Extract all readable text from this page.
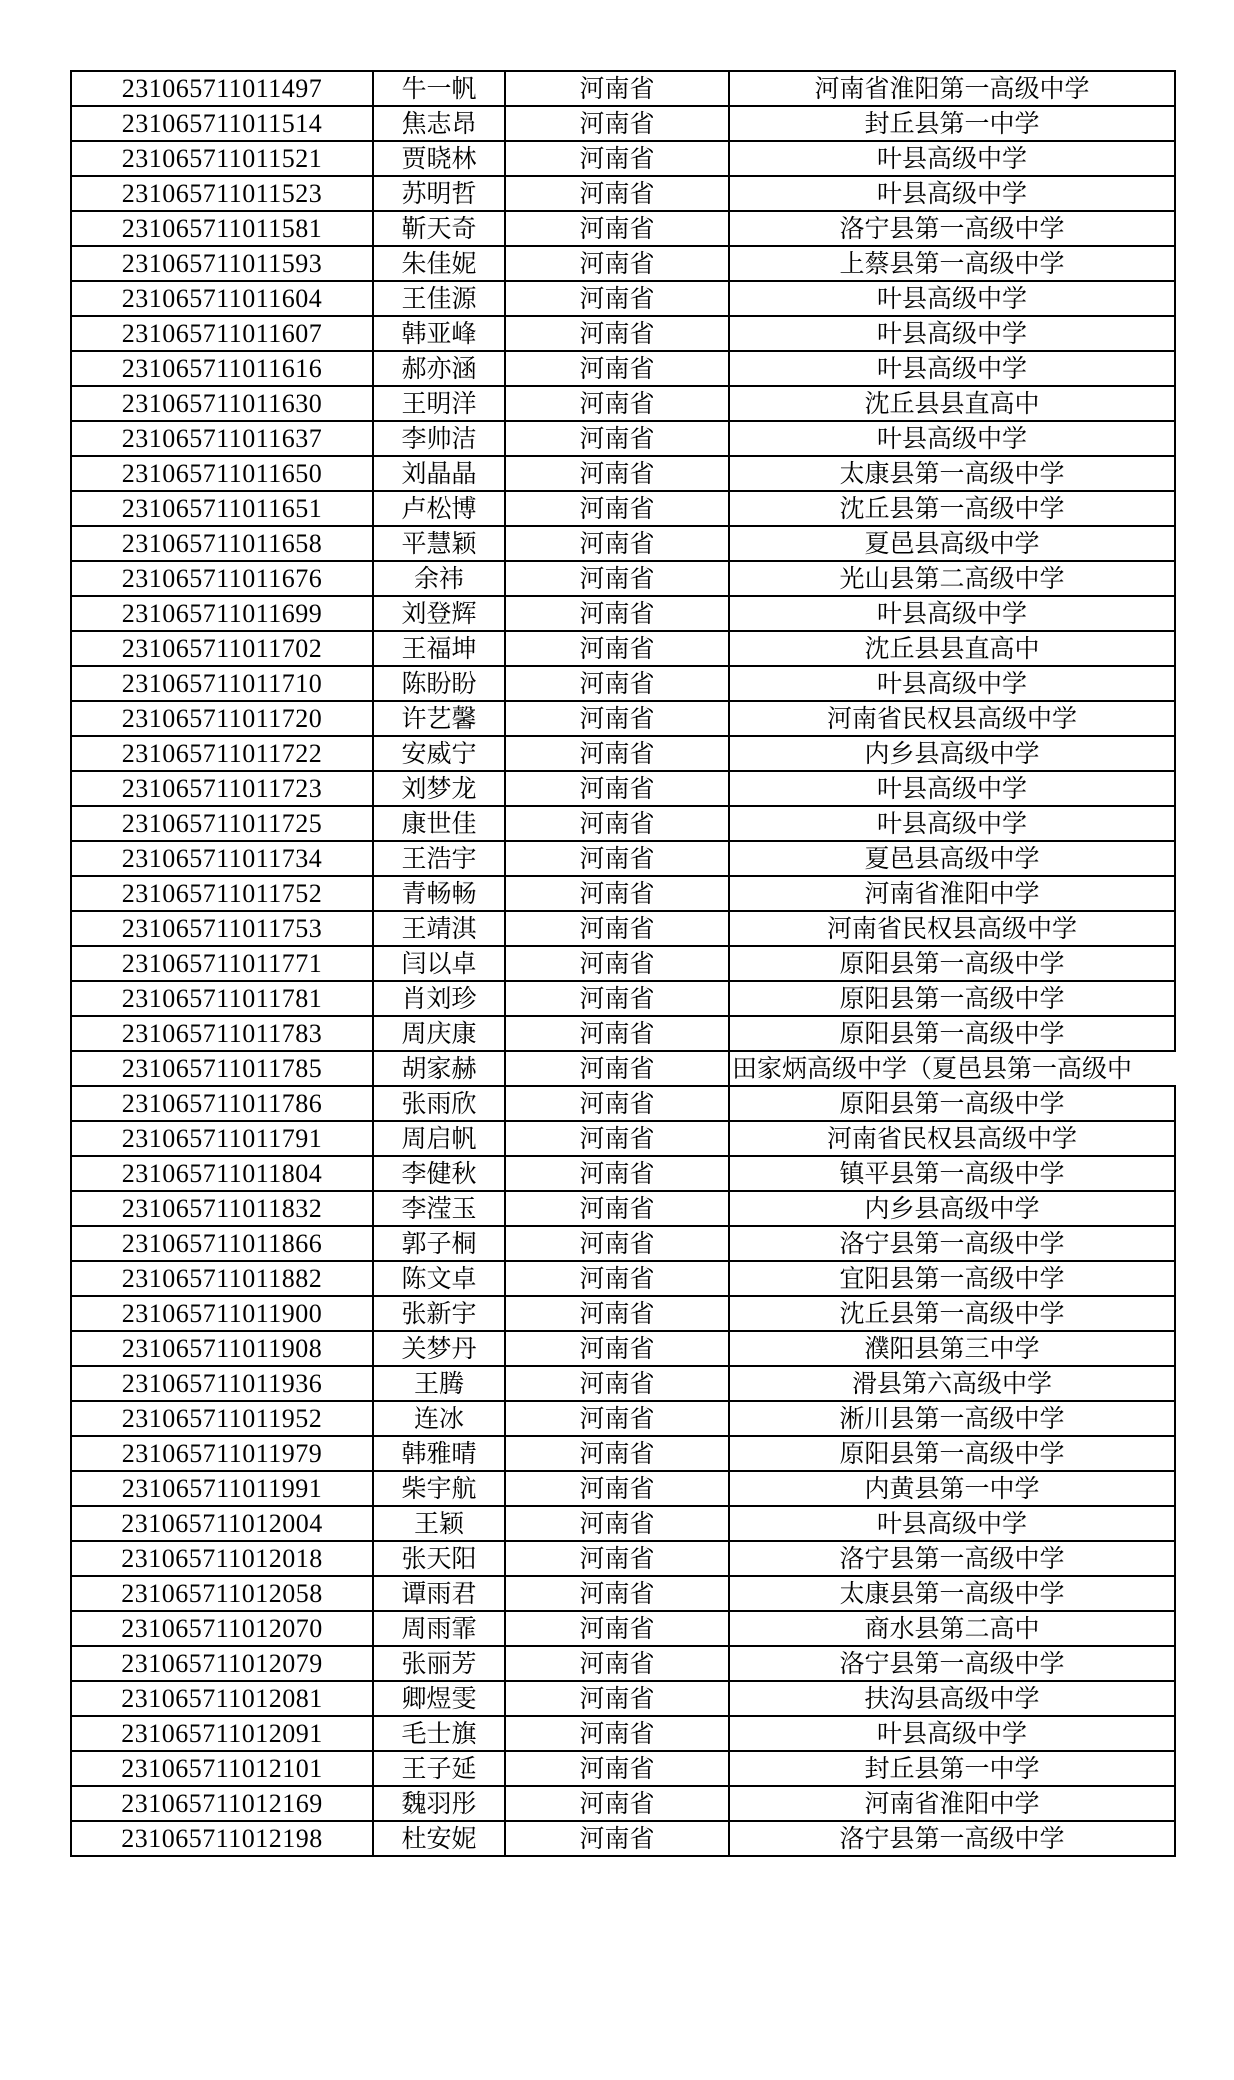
231065711011497	牛一帆	河南省	河南省淮阳第一高级中学
231065711011514	焦志昂	河南省	封丘县第一中学
231065711011521	贾晓林	河南省	叶县高级中学
231065711011523	苏明哲	河南省	叶县高级中学
231065711011581	靳天奇	河南省	洛宁县第一高级中学
231065711011593	朱佳妮	河南省	上蔡县第一高级中学
231065711011604	王佳源	河南省	叶县高级中学
231065711011607	韩亚峰	河南省	叶县高级中学
231065711011616	郝亦涵	河南省	叶县高级中学
231065711011630	王明洋	河南省	沈丘县县直高中
231065711011637	李帅洁	河南省	叶县高级中学
231065711011650	刘晶晶	河南省	太康县第一高级中学
231065711011651	卢松博	河南省	沈丘县第一高级中学
231065711011658	平慧颖	河南省	夏邑县高级中学
231065711011676	余祎	河南省	光山县第二高级中学
231065711011699	刘登辉	河南省	叶县高级中学
231065711011702	王福坤	河南省	沈丘县县直高中
231065711011710	陈盼盼	河南省	叶县高级中学
231065711011720	许艺馨	河南省	河南省民权县高级中学
231065711011722	安威宁	河南省	内乡县高级中学
231065711011723	刘梦龙	河南省	叶县高级中学
231065711011725	康世佳	河南省	叶县高级中学
231065711011734	王浩宇	河南省	夏邑县高级中学
231065711011752	青畅畅	河南省	河南省淮阳中学
231065711011753	王靖淇	河南省	河南省民权县高级中学
231065711011771	闫以卓	河南省	原阳县第一高级中学
231065711011781	肖刘珍	河南省	原阳县第一高级中学
231065711011783	周庆康	河南省	原阳县第一高级中学
231065711011785	胡家赫	河南省	田家炳高级中学（夏邑县第一高级中
231065711011786	张雨欣	河南省	原阳县第一高级中学
231065711011791	周启帆	河南省	河南省民权县高级中学
231065711011804	李健秋	河南省	镇平县第一高级中学
231065711011832	李滢玉	河南省	内乡县高级中学
231065711011866	郭子桐	河南省	洛宁县第一高级中学
231065711011882	陈文卓	河南省	宜阳县第一高级中学
231065711011900	张新宇	河南省	沈丘县第一高级中学
231065711011908	关梦丹	河南省	濮阳县第三中学
231065711011936	王腾	河南省	滑县第六高级中学
231065711011952	连冰	河南省	淅川县第一高级中学
231065711011979	韩雅晴	河南省	原阳县第一高级中学
231065711011991	柴宇航	河南省	内黄县第一中学
231065711012004	王颖	河南省	叶县高级中学
231065711012018	张天阳	河南省	洛宁县第一高级中学
231065711012058	谭雨君	河南省	太康县第一高级中学
231065711012070	周雨霏	河南省	商水县第二高中
231065711012079	张丽芳	河南省	洛宁县第一高级中学
231065711012081	卿煜雯	河南省	扶沟县高级中学
231065711012091	毛士旗	河南省	叶县高级中学
231065711012101	王子延	河南省	封丘县第一中学
231065711012169	魏羽彤	河南省	河南省淮阳中学
231065711012198	杜安妮	河南省	洛宁县第一高级中学
